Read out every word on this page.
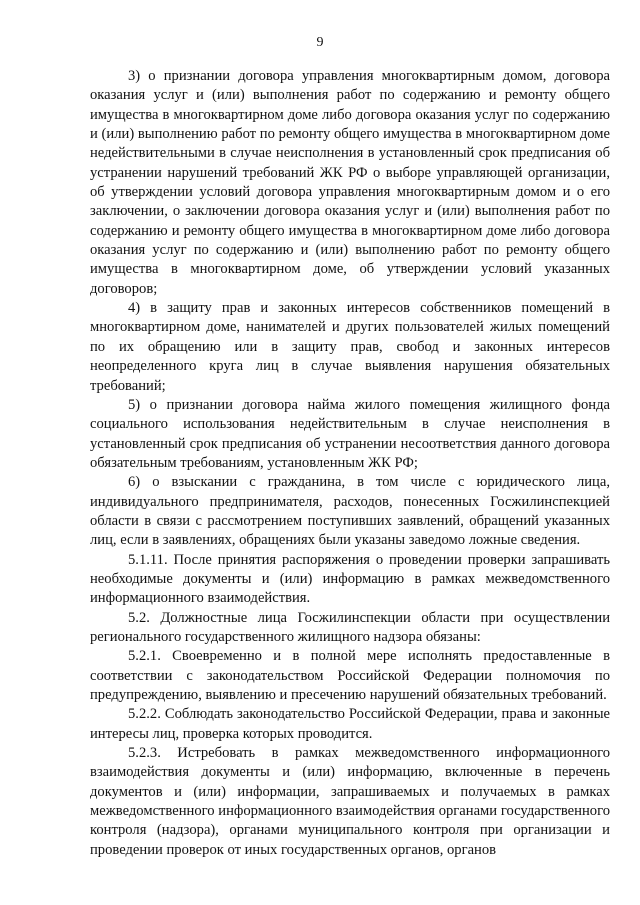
9

3) о признании договора управления многоквартирным домом, договора оказания услуг и (или) выполнения работ по содержанию и ремонту общего имущества в многоквартирном доме либо договора оказания услуг по содержанию и (или) выполнению работ по ремонту общего имущества в многоквартирном доме недействительными в случае неисполнения в установленный срок предписания об устранении нарушений требований ЖК РФ о выборе управляющей организации, об утверждении условий договора управления многоквартирным домом и о его заключении, о заключении договора оказания услуг и (или) выполнения работ по содержанию и ремонту общего имущества в многоквартирном доме либо договора оказания услуг по содержанию и (или) выполнению работ по ремонту общего имущества в многоквартирном доме, об утверждении условий указанных договоров;

4) в защиту прав и законных интересов собственников помещений в многоквартирном доме, нанимателей и других пользователей жилых помещений по их обращению или в защиту прав, свобод и законных интересов неопределенного круга лиц в случае выявления нарушения обязательных требований;

5) о признании договора найма жилого помещения жилищного фонда социального использования недействительным в случае неисполнения в установленный срок предписания об устранении несоответствия данного договора обязательным требованиям, установленным ЖК РФ;

6) о взыскании с гражданина, в том числе с юридического лица, индивидуального предпринимателя, расходов, понесенных Госжилинспекцией области в связи с рассмотрением поступивших заявлений, обращений указанных лиц, если в заявлениях, обращениях были указаны заведомо ложные сведения.

5.1.11. После принятия распоряжения о проведении проверки запрашивать необходимые документы и (или) информацию в рамках межведомственного информационного взаимодействия.

5.2. Должностные лица Госжилинспекции области при осуществлении регионального государственного жилищного надзора обязаны:

5.2.1. Своевременно и в полной мере исполнять предоставленные в соответствии с законодательством Российской Федерации полномочия по предупреждению, выявлению и пресечению нарушений обязательных требований.

5.2.2. Соблюдать законодательство Российской Федерации, права и законные интересы лиц, проверка которых проводится.

5.2.3. Истребовать в рамках межведомственного информационного взаимодействия документы и (или) информацию, включенные в перечень документов и (или) информации, запрашиваемых и получаемых в рамках межведомственного информационного взаимодействия органами государственного контроля (надзора), органами муниципального контроля при организации и проведении проверок от иных государственных органов, органов
